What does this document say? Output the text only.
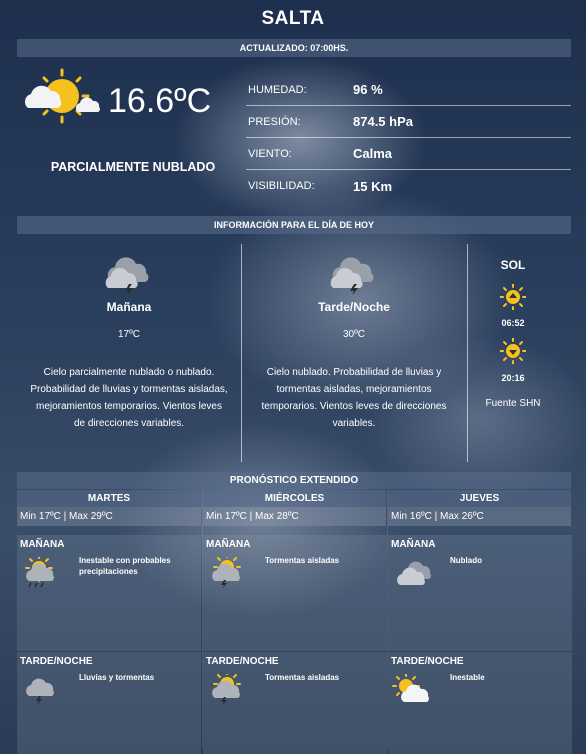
SALTA
ACTUALIZADO: 07:00HS.
16.6ºC
PARCIALMENTE NUBLADO
HUMEDAD:	96 %
PRESIÓN:	874.5 hPa
VIENTO:	Calma
VISIBILIDAD:	15 Km
INFORMACIÓN PARA EL DÍA DE HOY
Mañana
17ºC
Cielo parcialmente nublado o nublado. Probabilidad de lluvias y tormentas aisladas, mejoramientos temporarios. Vientos leves de direcciones variables.
Tarde/Noche
30ºC
Cielo nublado. Probabilidad de lluvias y tormentas aisladas, mejoramientos temporarios. Vientos leves de direcciones variables.
SOL
06:52
20:16
Fuente SHN
PRONÓSTICO EXTENDIDO
MARTES
Min 17ºC | Max 29ºC
MAÑANA
Inestable con probables precipitaciones
TARDE/NOCHE
Lluvias y tormentas
MIÉRCOLES
Min 17ºC | Max 28ºC
MAÑANA
Tormentas aisladas
TARDE/NOCHE
Tormentas aisladas
JUEVES
Min 16ºC | Max 26ºC
MAÑANA
Nublado
TARDE/NOCHE
Inestable
